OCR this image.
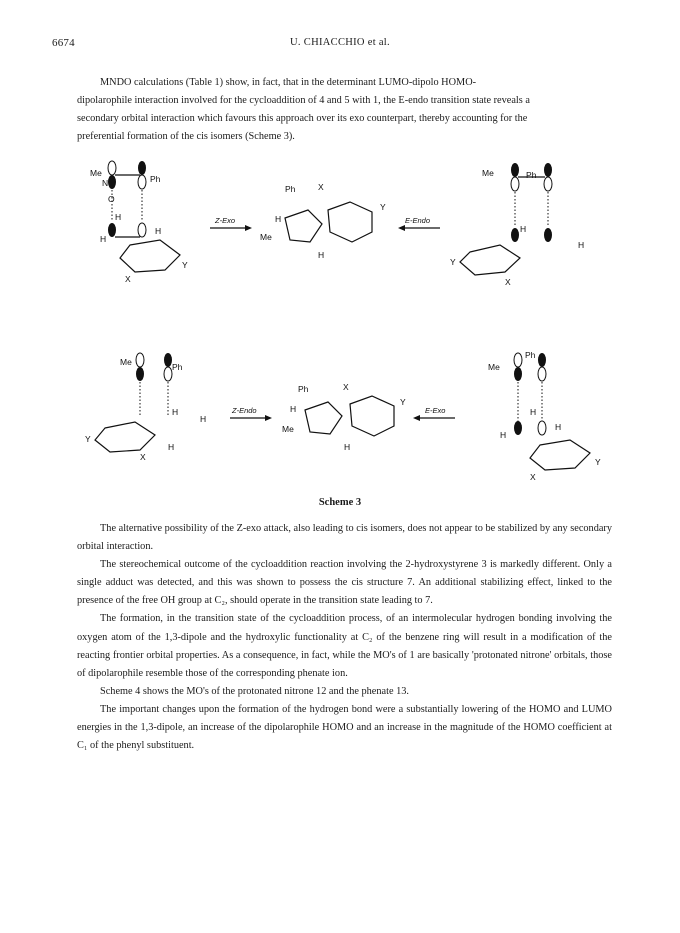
6674	U. CHIACCHIO et al.

MNDO calculations (Table 1) show, in fact, that in the determinant LUMO-dipolo HOMO-

dipolarophile interaction involved for the cycloaddition of 4 and 5 with 1, the E-endo transition state reveals a

secondary orbital interaction which favours this approach over its exo counterpart, thereby accounting for the

preferential formation of the cis isomers (Scheme 3).

Me
N	Ph
O
H
H
H
Y
X
Z-Exo
Ph	X
H
Me
Y
H
E-Endo
Me	Ph
H
H
Y
X
Me	Ph
H
H
Y
X
H
Z-Endo
Ph	X
H
Me
Y
H
E-Exo
Me
Ph
H
H
H
Y
X
Scheme 3

The alternative possibility of the Z-exo attack, also leading to cis isomers, does not appear to be stabilized by any secondary orbital interaction.

The stereochemical outcome of the cycloaddition reaction involving the 2-hydroxystyrene 3 is markedly different. Only a single adduct was detected, and this was shown to possess the cis structure 7. An additional stabilizing effect, linked to the presence of the free OH group at C₂, should operate in the transition state leading to 7.

The formation, in the transition state of the cycloaddition process, of an intermolecular hydrogen bonding involving the oxygen atom of the 1,3-dipole and the hydroxylic functionality at C₂ of the benzene ring will result in a modification of the reacting frontier orbital properties. As a consequence, in fact, while the MO's of 1 are basically 'protonated nitrone' orbitals, those of dipolarophile resemble those of the corresponding phenate ion.

Scheme 4 shows the MO's of the protonated nitrone 12 and the phenate 13.

The important changes upon the formation of the hydrogen bond were a substantially lowering of the HOMO and LUMO energies in the 1,3-dipole, an increase of the dipolarophile HOMO and an increase in the magnitude of the HOMO coefficient at C₁ of the phenyl substituent.
